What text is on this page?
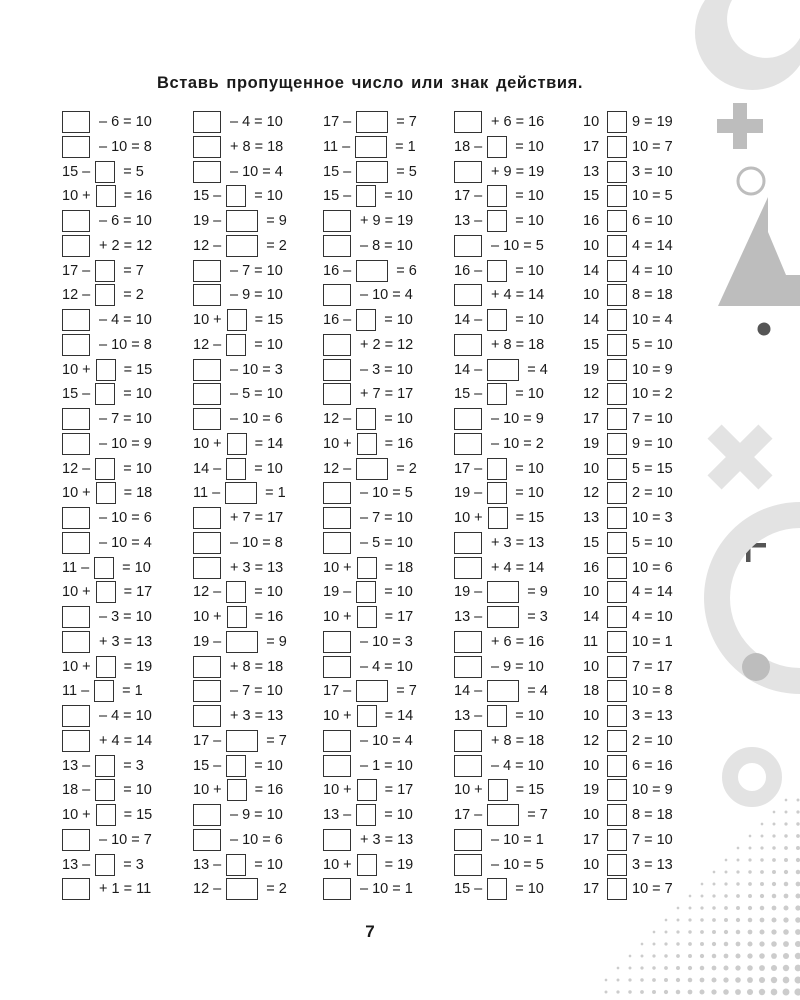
Вставь пропущенное число или знак действия.
– 6 = 10
– 10 = 8
15 – = 5
10 + = 16
– 6 = 10
+ 2 = 12
17 – = 7
12 – = 2
– 4 = 10
– 10 = 8
10 + = 15
15 – = 10
– 7 = 10
– 10 = 9
12 – = 10
10 + = 18
– 10 = 6
– 10 = 4
11 – = 10
10 + = 17
– 3 = 10
+ 3 = 13
10 + = 19
11 – = 1
– 4 = 10
+ 4 = 14
13 – = 3
18 – = 10
10 + = 15
– 10 = 7
13 – = 3
+ 1 = 11
– 4 = 10
+ 8 = 18
– 10 = 4
15 – = 10
19 –	= 9
12 –	= 2
– 7 = 10
– 9 = 10
10 + = 15
12 – = 10
– 10 = 3
– 5 = 10
– 10 = 6
10 + = 14
14 – = 10
11 –	= 1
+ 7 = 17
– 10 = 8
+ 3 = 13
12 – = 10
10 + = 16
19 –	= 9
+ 8 = 18
– 7 = 10
+ 3 = 13
17 –	= 7
15 – = 10
10 + = 16
– 9 = 10
– 10 = 6
13 – = 10
12 –	= 2
17 –	= 7
11 –	= 1
15 –	= 5
15 – = 10
+ 9 = 19
– 8 = 10
16 –	= 6
– 10 = 4
16 – = 10
+ 2 = 12
– 3 = 10
+ 7 = 17
12 – = 10
10 + = 16
12 –	= 2
– 10 = 5
– 7 = 10
– 5 = 10
10 + = 18
19 – = 10
10 + = 17
– 10 = 3
– 4 = 10
17 –	= 7
10 + = 14
– 10 = 4
– 1 = 10
10 + = 17
13 – = 10
+ 3 = 13
10 + = 19
– 10 = 1
+ 6 = 16
18 – = 10
+ 9 = 19
17 – = 10
13 – = 10
– 10 = 5
16 – = 10
+ 4 = 14
14 – = 10
+ 8 = 18
14 –	= 4
15 – = 10
– 10 = 9
– 10 = 2
17 – = 10
19 – = 10
10 + = 15
+ 3 = 13
+ 4 = 14
19 –	= 9
13 –	= 3
+ 6 = 16
– 9 = 10
14 –	= 4
13 – = 10
+ 8 = 18
– 4 = 10
10 + = 15
17 –	= 7
– 10 = 1
– 10 = 5
15 – = 10
10 9 = 19
17 10 = 7
13 3 = 10
15 10 = 5
16 6 = 10
10 4 = 14
14 4 = 10
10 8 = 18
14 10 = 4
15 5 = 10
19 10 = 9
12 10 = 2
17 7 = 10
19 9 = 10
10 5 = 15
12 2 = 10
13 10 = 3
15 5 = 10
16 10 = 6
10 4 = 14
14 4 = 10
11	10 = 1
10 7 = 17
18 10 = 8
10 3 = 13
12 2 = 10
10 6 = 16
19 10 = 9
10 8 = 18
17 7 = 10
10 3 = 13
17 10 = 7
7
